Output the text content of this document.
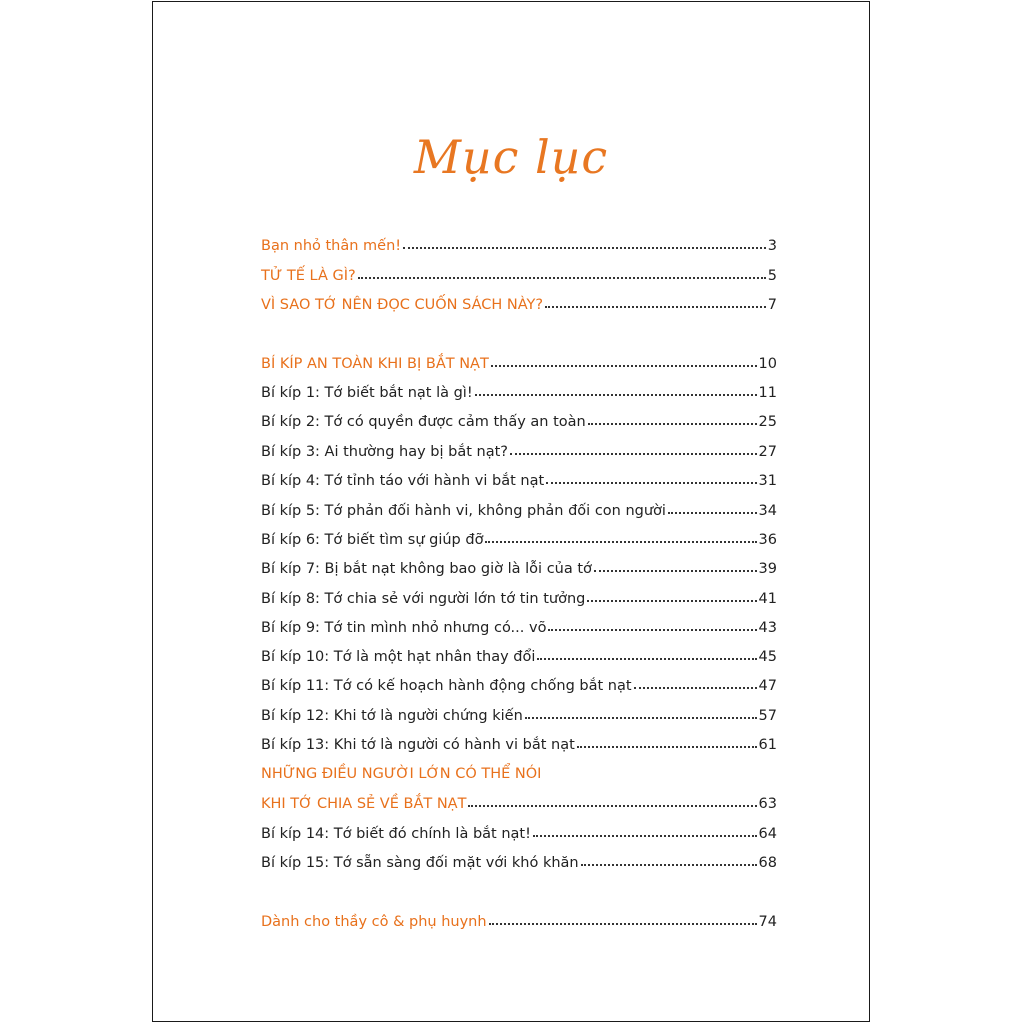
Mục lục
Bạn nhỏ thân mến!	3
TỬ TẾ LÀ GÌ?	5
VÌ SAO TỚ NÊN ĐỌC CUỐN SÁCH NÀY?	7
BÍ KÍP AN TOÀN KHI BỊ BẮT NẠT	10
Bí kíp 1: Tớ biết bắt nạt là gì!	11
Bí kíp 2: Tớ có quyền được cảm thấy an toàn	25
Bí kíp 3: Ai thường hay bị bắt nạt?	27
Bí kíp 4: Tớ tỉnh táo với hành vi bắt nạt	31
Bí kíp 5: Tớ phản đối hành vi, không phản đối con người	34
Bí kíp 6: Tớ biết tìm sự giúp đỡ	36
Bí kíp 7: Bị bắt nạt không bao giờ là lỗi của tớ	39
Bí kíp 8: Tớ chia sẻ với người lớn tớ tin tưởng	41
Bí kíp 9: Tớ tin mình nhỏ nhưng có... võ	43
Bí kíp 10: Tớ là một hạt nhân thay đổi	45
Bí kíp 11: Tớ có kế hoạch hành động chống bắt nạt	47
Bí kíp 12: Khi tớ là người chứng kiến	57
Bí kíp 13: Khi tớ là người có hành vi bắt nạt	61
NHỮNG ĐIỀU NGƯỜI LỚN CÓ THỂ NÓI
KHI TỚ CHIA SẺ VỀ BẮT NẠT	63
Bí kíp 14: Tớ biết đó chính là bắt nạt!	64
Bí kíp 15: Tớ sẵn sàng đối mặt với khó khăn	68
Dành cho thầy cô & phụ huynh	74
